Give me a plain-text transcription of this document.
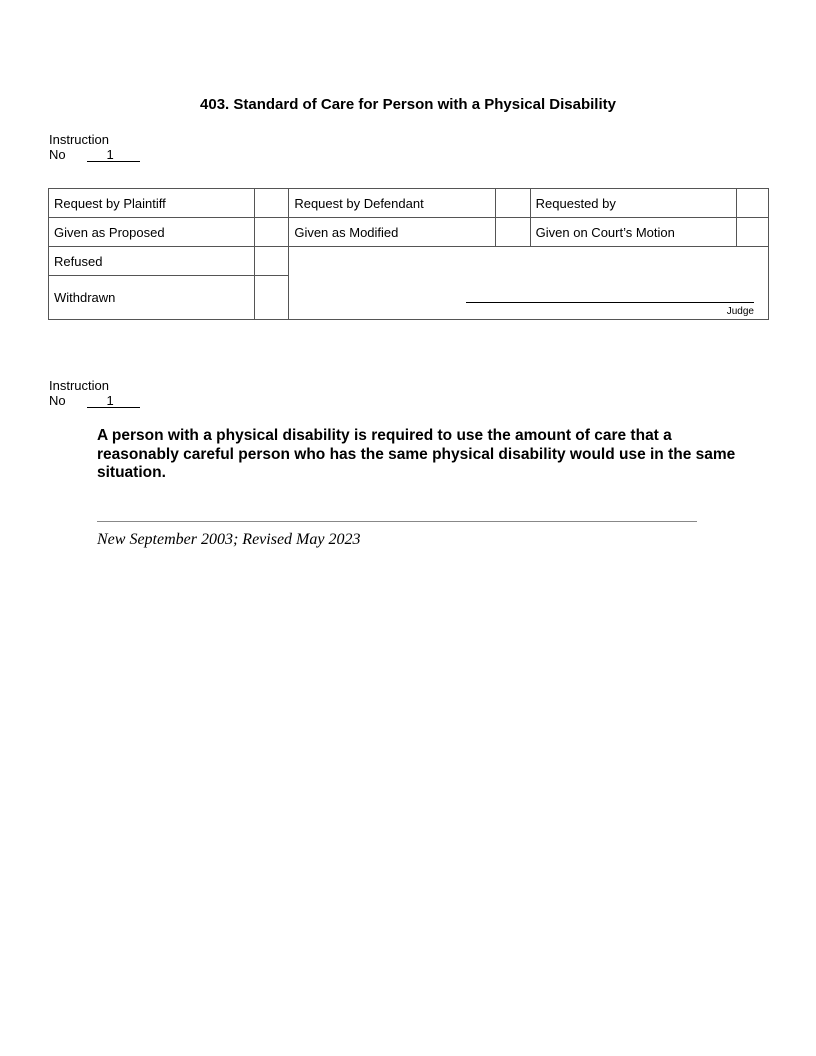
403. Standard of Care for Person with a Physical Disability
Instruction
No	1
Request by Plaintiff		Request by Defendant		Requested by	
Given as Proposed		Given as Modified		Given on Court’s Motion	
Refused		Judge			

Withdrawn					
Instruction
No	1
A person with a physical disability is required to use the amount of care that a reasonably careful person who has the same physical disability would use in the same situation.
New September 2003; Revised May 2023
